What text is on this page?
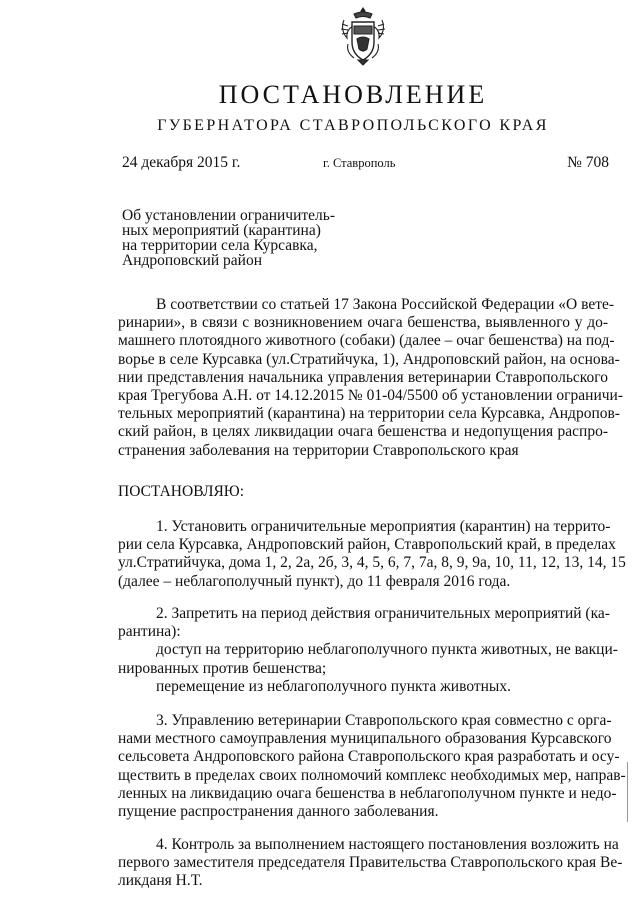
ПОСТАНОВЛЕНИЕ
ГУБЕРНАТОРА СТАВРОПОЛЬСКОГО КРАЯ
24 декабря 2015 г.	г. Ставрополь	№ 708
Об установлении ограничитель-
ных мероприятий (карантина)
на территории села Курсавка,
Андроповский район
В соответствии со статьей 17 Закона Российской Федерации «О вете-
ринарии», в связи с возникновением очага бешенства, выявленного у до-
машнего плотоядного животного (собаки) (далее – очаг бешенства) на под-
ворье в селе Курсавка (ул.Стратийчука, 1), Андроповский район, на основа-
нии представления начальника управления ветеринарии Ставропольского
края Трегубова А.Н. от 14.12.2015 № 01-04/5500 об установлении ограничи-
тельных мероприятий (карантина) на территории села Курсавка, Андропов-
ский район, в целях ликвидации очага бешенства и недопущения распро-
странения заболевания на территории Ставропольского края
ПОСТАНОВЛЯЮ:
1. Установить ограничительные мероприятия (карантин) на террито-
рии села Курсавка, Андроповский район, Ставропольский край, в пределах
ул.Стратийчука, дома 1, 2, 2а, 2б, 3, 4, 5, 6, 7, 7а, 8, 9, 9а, 10, 11, 12, 13, 14, 15
(далее – неблагополучный пункт), до 11 февраля 2016 года.
2. Запретить на период действия ограничительных мероприятий (ка-
рантина):
доступ на территорию неблагополучного пункта животных, не вакци-
нированных против бешенства;
перемещение из неблагополучного пункта животных.
3. Управлению ветеринарии Ставропольского края совместно с орга-
нами местного самоуправления муниципального образования Курсавского
сельсовета Андроповского района Ставропольского края разработать и осу-
ществить в пределах своих полномочий комплекс необходимых мер, направ-
ленных на ликвидацию очага бешенства в неблагополучном пункте и недо-
пущение распространения данного заболевания.
4. Контроль за выполнением настоящего постановления возложить на
первого заместителя председателя Правительства Ставропольского края Ве-
ликданя Н.Т.
